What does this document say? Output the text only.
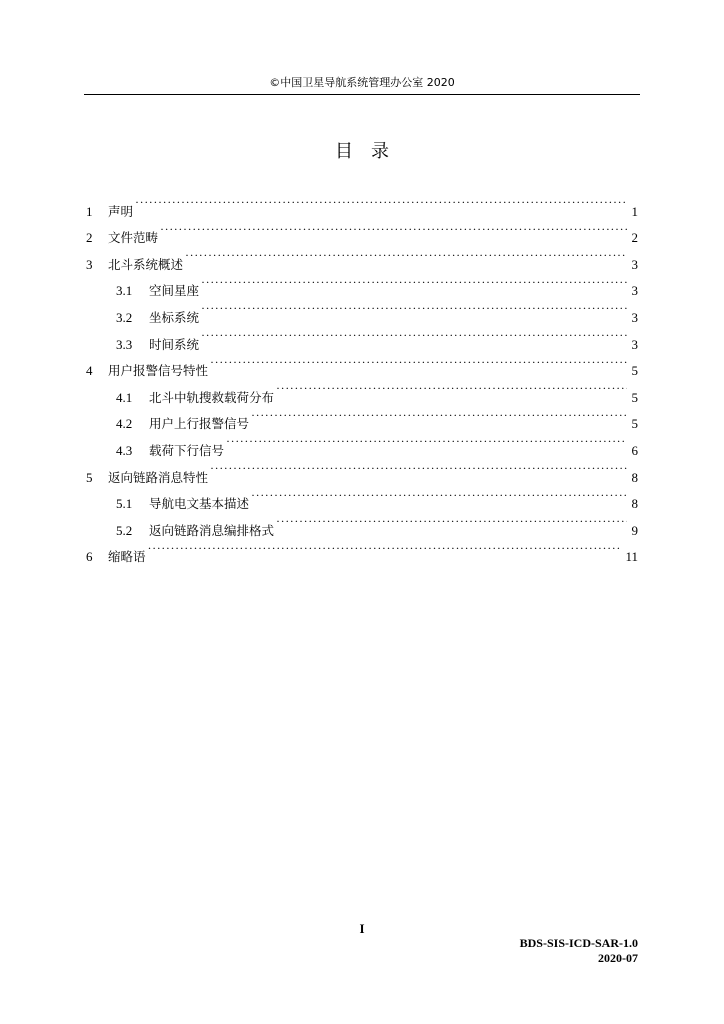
©中国卫星导航系统管理办公室 2020
目录
1	声明 ·····	1
2	文件范畴 ·····	2
3	北斗系统概述 ·····	3
3.1	空间星座 ·····	3
3.2	坐标系统 ·····	3
3.3	时间系统 ·····	3
4	用户报警信号特性 ·····	5
4.1	北斗中轨搜救载荷分布 ·····	5
4.2	用户上行报警信号 ·····	5
4.3	载荷下行信号 ·····	6
5	返向链路消息特性 ·····	8
5.1	导航电文基本描述 ·····	8
5.2	返向链路消息编排格式 ·····	9
6	缩略语 ·····	11
I
BDS-SIS-ICD-SAR-1.0
2020-07
